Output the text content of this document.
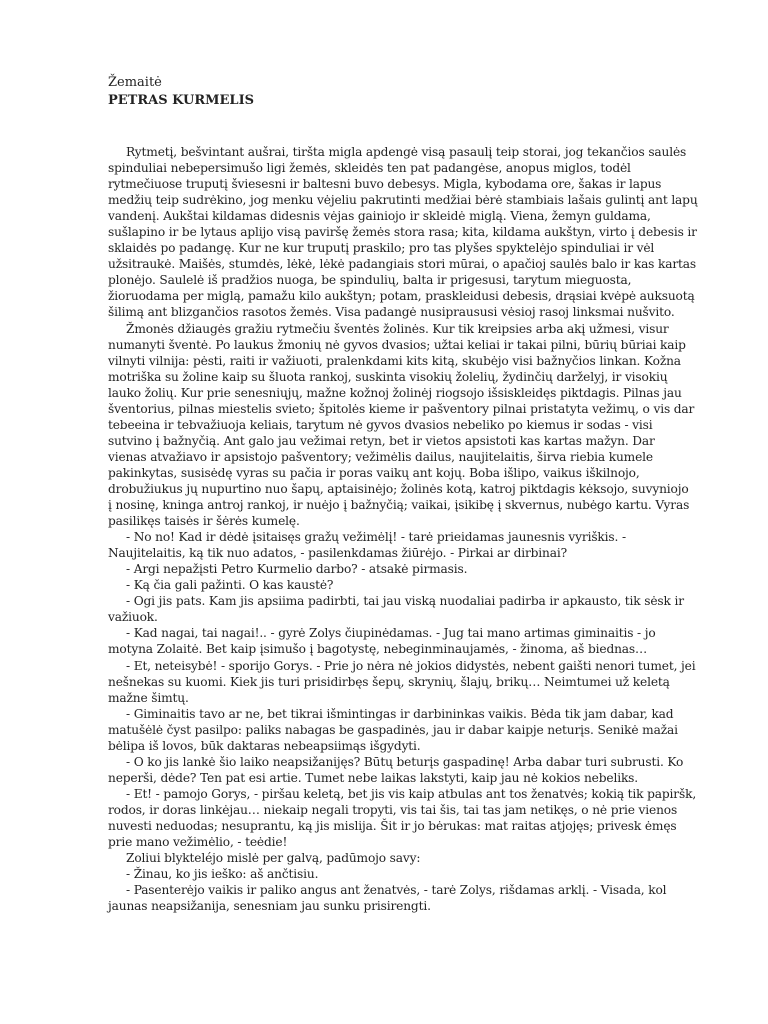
Žemaitė
PETRAS KURMELIS
Rytmetį, bešvintant aušrai, tiršta migla apdengė visą pasaulį teip storai, jog tekančios saulės
spinduliai nebepersimušo ligi žemės, skleidės ten pat padangėse, anopus miglos, todėl
rytmečiuose truputį šviesesni ir baltesni buvo debesys. Migla, kybodama ore, šakas ir lapus
medžių teip sudrėkino, jog menku vėjeliu pakrutinti medžiai bėrė stambiais lašais gulintį ant lapų
vandenį. Aukštai kildamas didesnis vėjas gainiojo ir skleidė miglą. Viena, žemyn guldama,
sušlapino ir be lytaus aplijo visą paviršę žemės stora rasa; kita, kildama aukštyn, virto į debesis ir
sklaidės po padangę. Kur ne kur truputį praskilo; pro tas plyšes spyktelėjo spinduliai ir vėl
užsitraukė. Maišės, stumdės, lėkė, lėkė padangiais stori mūrai, o apačioj saulės balo ir kas kartas
plonėjo. Saulelė iš pradžios nuoga, be spindulių, balta ir prigesusi, tarytum mieguosta,
žioruodama per miglą, pamažu kilo aukštyn; potam, praskleidusi debesis, drąsiai kvėpė auksuotą
šilimą ant blizgančios rasotos žemės. Visa padangė nusipraususi vėsioj rasoj linksmai nušvito.
Žmonės džiaugės gražiu rytmečiu šventės žolinės. Kur tik kreipsies arba akį užmesi, visur
numanyti šventė. Po laukus žmonių nė gyvos dvasios; užtai keliai ir takai pilni, būrių būriai kaip
vilnyti vilnija: pėsti, raiti ir važiuoti, pralenkdami kits kitą, skubėjo visi bažnyčios linkan. Kožna
motriška su žoline kaip su šluota rankoj, suskinta visokių žolelių, žydinčių darželyj, ir visokių
lauko žolių. Kur prie senesniųjų, mažne kožnoj žolinėj riogsojo išsiskleidęs piktdagis. Pilnas jau
šventorius, pilnas miestelis svieto; špitolės kieme ir pašventory pilnai pristatyta vežimų, o vis dar
tebeeina ir tebvažiuoja keliais, tarytum nė gyvos dvasios nebeliko po kiemus ir sodas - visi
sutvino į bažnyčią. Ant galo jau vežimai retyn, bet ir vietos apsistoti kas kartas mažyn. Dar
vienas atvažiavo ir apsistojo pašventory; vežimėlis dailus, naujitelaitis, širva riebia kumele
pakinkytas, susisėdę vyras su pačia ir poras vaikų ant kojų. Boba išlipo, vaikus iškilnojo,
drobužiukus jų nupurtino nuo šapų, aptaisinėjo; žolinės kotą, katrој piktdagis kėksojo, suvyniojo
į nosinę, kninga antroj rankoj, ir nuėjo į bažnyčią; vaikai, įsikibę į skvernus, nubėgo kartu. Vyras
pasilikęs taisės ir šėrės kumelę.
- No no! Kad ir dėdė įsitaisęs gražų vežimėlį! - tarė prieidamas jaunesnis vyriškis. -
Naujitelaitis, ką tik nuo adatos, - pasilenkdamas žiūrėjo. - Pirkai ar dirbinai?
- Argi nepažįsti Petro Kurmelio darbo? - atsakė pirmasis.
- Ką čia gali pažinti. O kas kaustė?
- Ogi jis pats. Kam jis apsiima padirbti, tai jau viską nuodaliai padirba ir apkausto, tik sėsk ir
važiuok.
- Kad nagai, tai nagai!.. - gyrė Zolys čiupinėdamas. - Jug tai mano artimas giminaitis - jo
motyna Zolaitė. Bet kaip įsimušo į bagotystę, nebeginminaujamės, - žinoma, aš biednas…
- Et, neteisybė! - sporijo Gorys. - Prie jo nėra nė jokios didystės, nebent gaišti nenori tumet, jei
nešnekas su kuomi. Kiek jis turi prisidirbęs šepų, skrynių, šlajų, brikų… Neimtumei už keletą
mažne šimtų.
- Giminaitis tavo ar ne, bet tikrai išmintingas ir darbininkas vaikis. Bėda tik jam dabar, kad
matušėlė čyst pasilpo: paliks nabagas be gaspadinės, jau ir dabar kaipje neturįs. Senikė mažai
bėlipa iš lovos, būk daktaras nebeapsiimąs išgydyti.
- O ko jis lankė šio laiko neapsižanijęs? Būtų beturįs gaspadinę! Arba dabar turi subrusti. Ko
neperši, dėde? Ten pat esi artie. Tumet nebe laikas lakstyti, kaip jau nė kokios nebeliks.
- Et! - pamojo Gorys, - piršau keletą, bet jis vis kaip atbulas ant tos ženatvės; kokią tik papiršk,
rodos, ir doras linkėjau… niekaip negali tropyti, vis tai šis, tai tas jam netikęs, o nė prie vienos
nuvesti neduodas; nesuprantu, ką jis mislija. Šit ir jo bėrukas: mat raitas atjojęs; privesk ėmęs
prie mano vežimėlio, - teėdie!
Zoliui blykteléjo mislė per galvą, padūmojo savy:
- Žinau, ko jis ieško: aš ančtisiu.
- Pasenterėjo vaikis ir paliko angus ant ženatvės, - tarė Zolys, rišdamas arklį. - Visada, kol
jaunas neapsižanija, senesniam jau sunku prisirengti.
